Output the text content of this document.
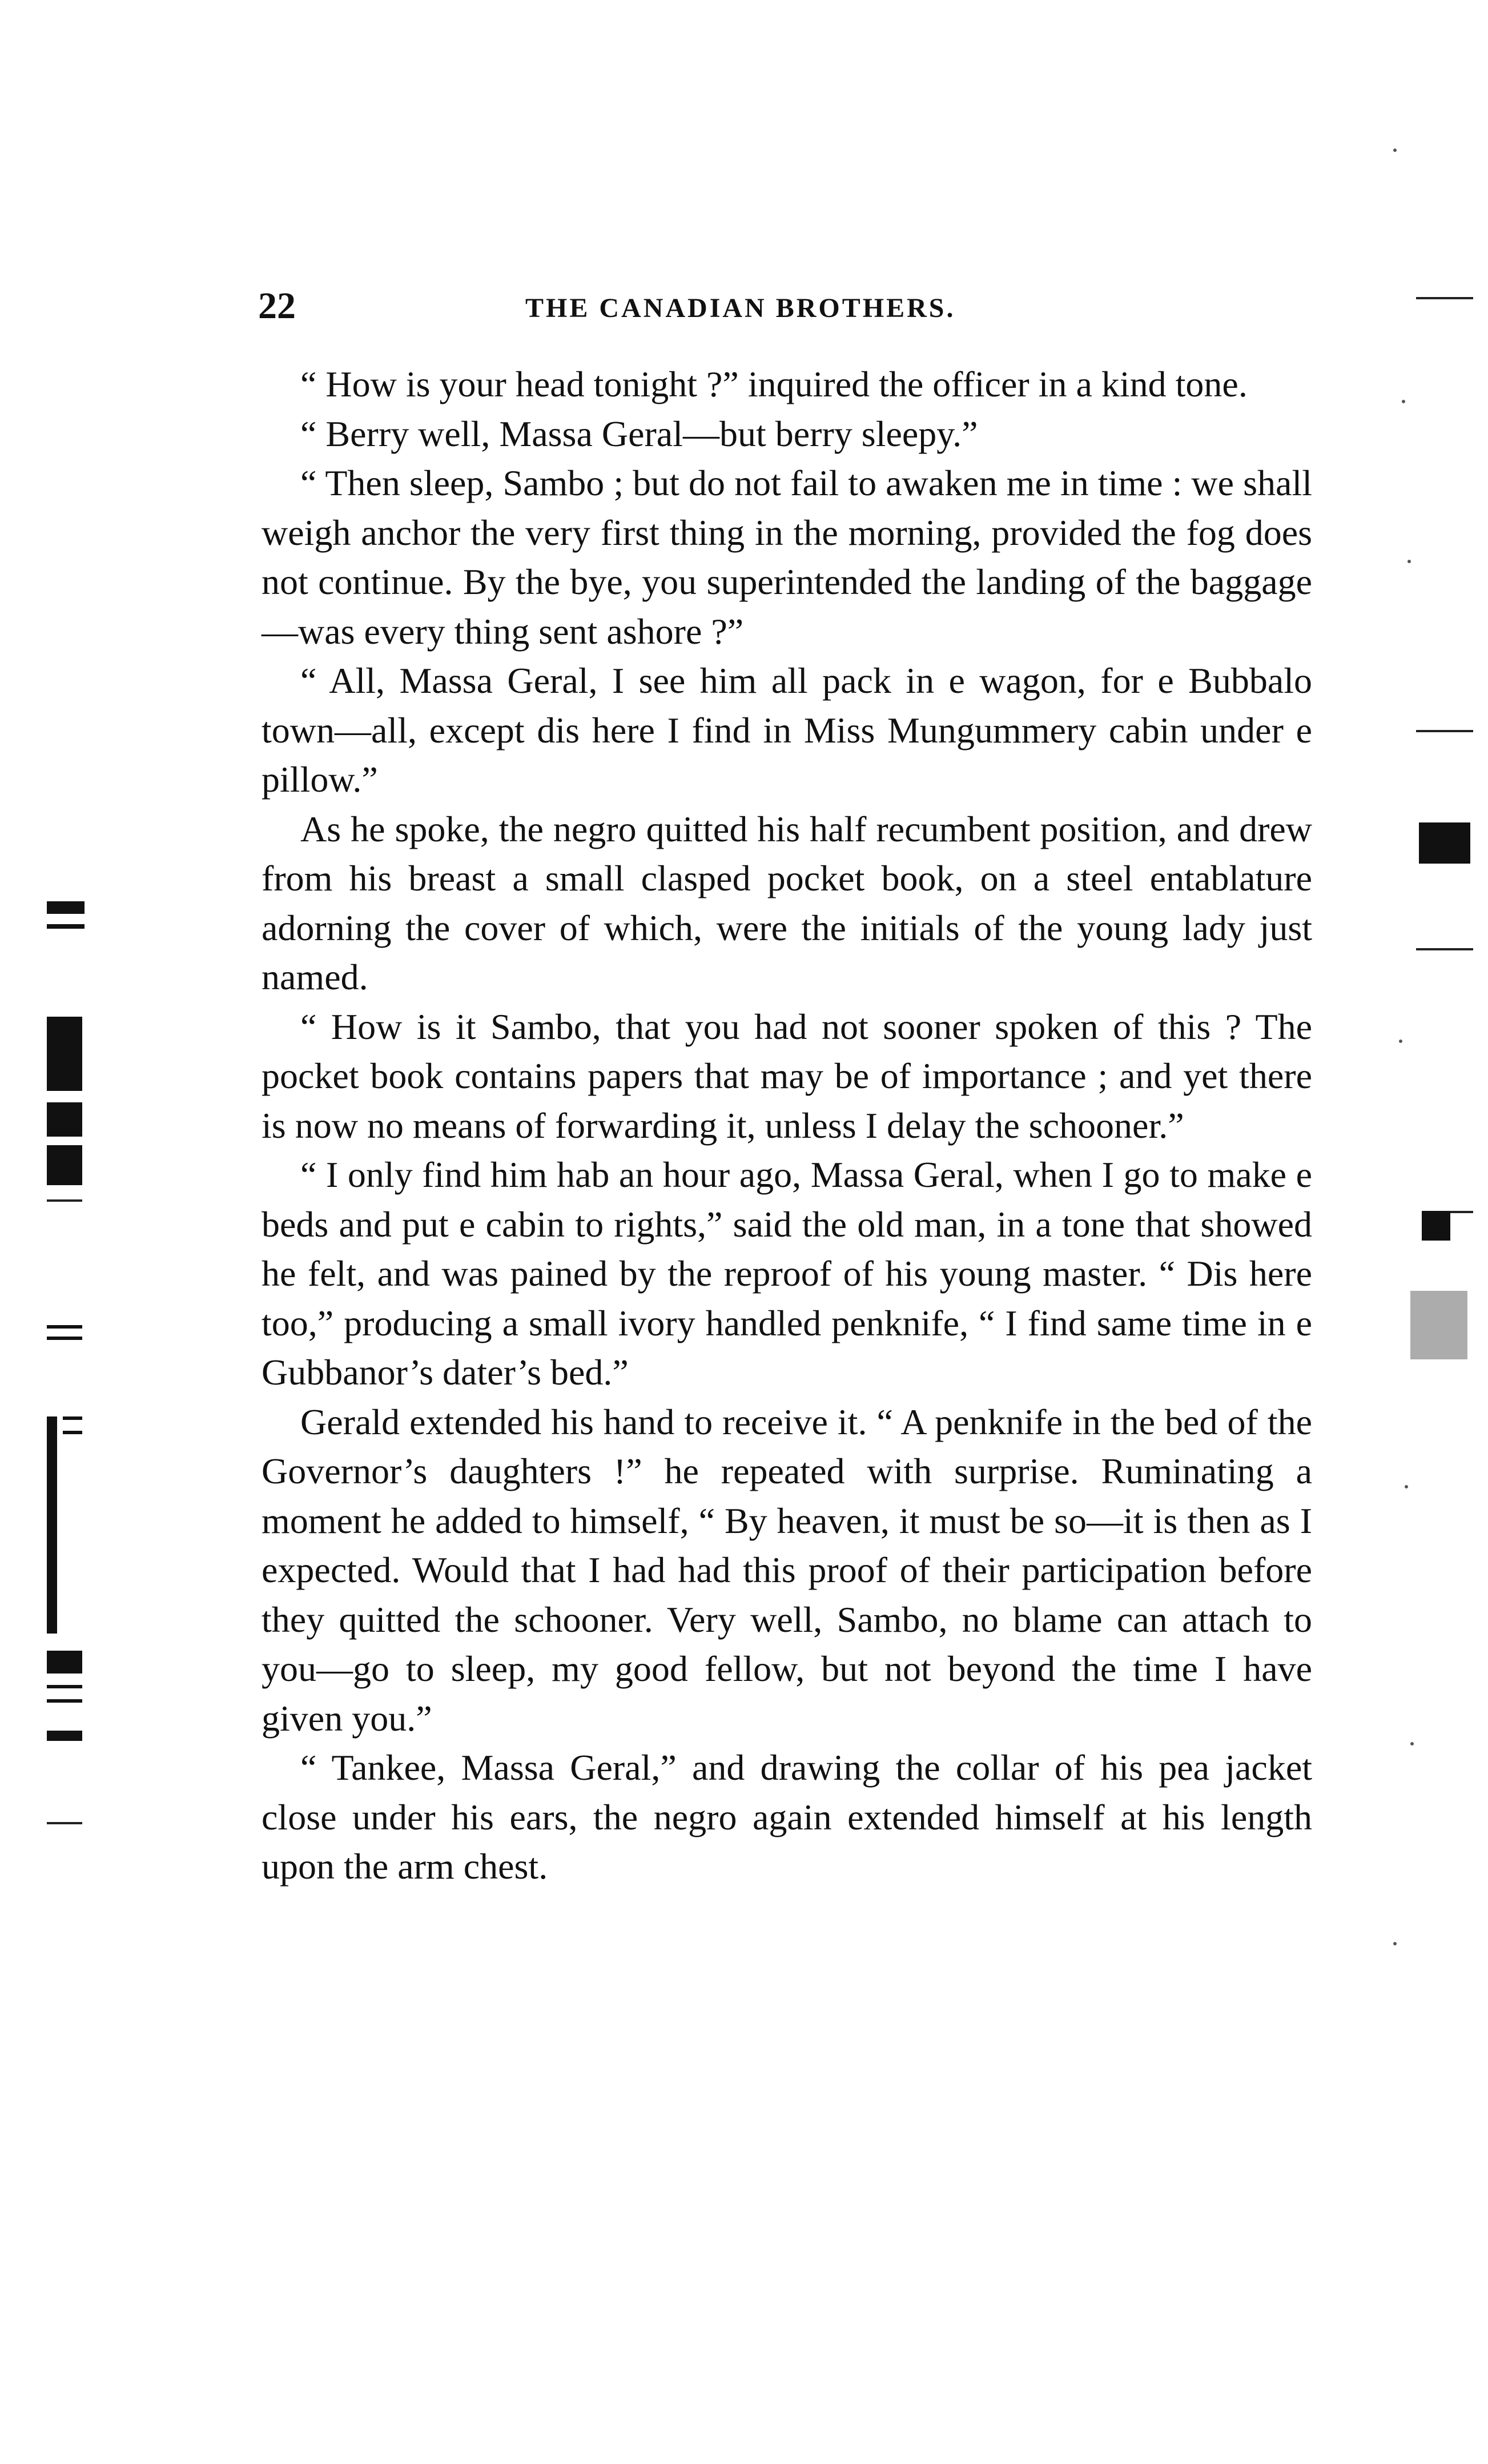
22	THE CANADIAN BROTHERS.

“ How is your head tonight ?” inquired the officer in a kind tone.

“ Berry well, Massa Geral—but berry sleepy.”

“ Then sleep, Sambo ; but do not fail to awaken me in time : we shall weigh anchor the very first thing in the morning, provided the fog does not continue. By the bye, you superintended the landing of the baggage—was every thing sent ashore ?”

“ All, Massa Geral, I see him all pack in e wagon, for e Bubbalo town—all, except dis here I find in Miss Mungummery cabin under e pillow.”

As he spoke, the negro quitted his half recumbent position, and drew from his breast a small clasped pocket book, on a steel entablature adorning the cover of which, were the initials of the young lady just named.

“ How is it Sambo, that you had not sooner spoken of this ? The pocket book contains papers that may be of importance ; and yet there is now no means of forwarding it, unless I delay the schooner.”

“ I only find him hab an hour ago, Massa Geral, when I go to make e beds and put e cabin to rights,” said the old man, in a tone that showed he felt, and was pained by the reproof of his young master. “ Dis here too,” producing a small ivory handled penknife, “ I find same time in e Gubbanor’s dater’s bed.”

Gerald extended his hand to receive it. “ A penknife in the bed of the Governor’s daughters !” he repeated with surprise. Ruminating a moment he added to himself, “ By heaven, it must be so—it is then as I expected. Would that I had had this proof of their participation before they quitted the schooner. Very well, Sambo, no blame can attach to you—go to sleep, my good fellow, but not beyond the time I have given you.”

“ Tankee, Massa Geral,” and drawing the collar of his pea jacket close under his ears, the negro again extended himself at his length upon the arm chest.
